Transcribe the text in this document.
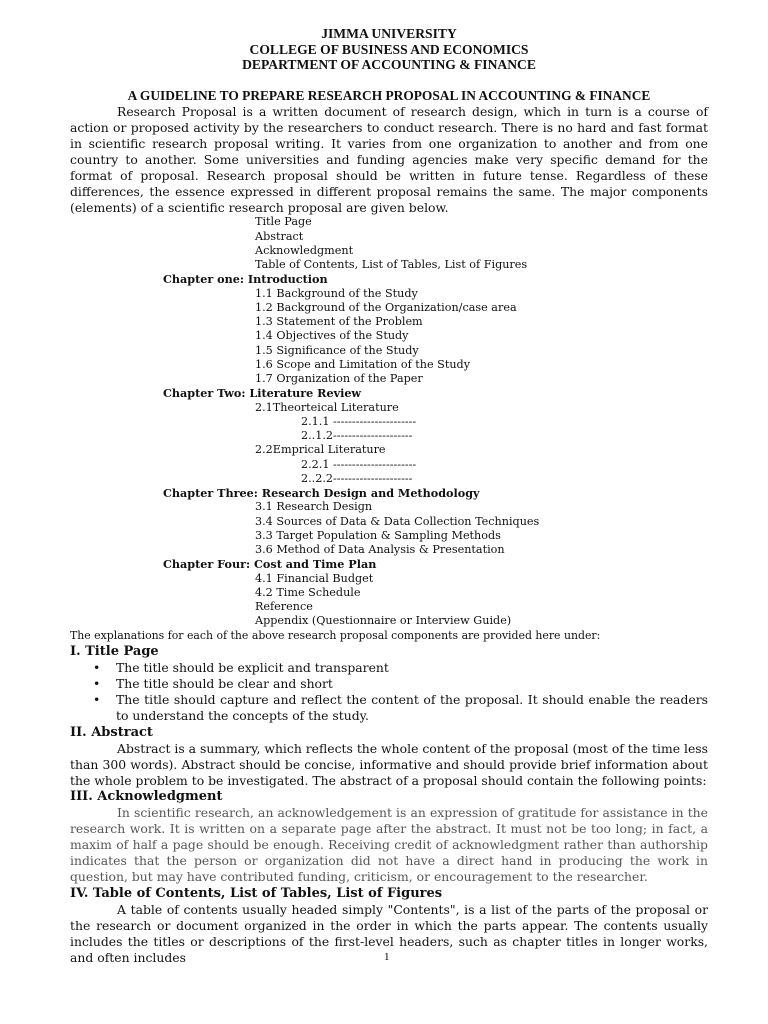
JIMMA UNIVERSITY
COLLEGE OF BUSINESS AND ECONOMICS
DEPARTMENT OF ACCOUNTING & FINANCE
A GUIDELINE TO PREPARE RESEARCH PROPOSAL IN ACCOUNTING & FINANCE

Research Proposal is a written document of research design, which in turn is a course of action or proposed activity by the researchers to conduct research. There is no hard and fast format in scientific research proposal writing. It varies from one organization to another and from one country to another. Some universities and funding agencies make very specific demand for the format of proposal. Research proposal should be written in future tense. Regardless of these differences, the essence expressed in different proposal remains the same. The major components (elements) of a scientific research proposal are given below.

Title Page
Abstract
Acknowledgment
Table of Contents, List of Tables, List of Figures
Chapter one: Introduction
1.1 Background of the Study
1.2 Background of the Organization/case area
1.3 Statement of the Problem
1.4 Objectives of the Study
1.5 Significance of the Study
1.6 Scope and Limitation of the Study
1.7 Organization of the Paper
Chapter Two: Literature Review
2.1Theorteical Literature
2.1.1 ----------------------
2..1.2---------------------
2.2Emprical Literature
2.2.1 ----------------------
2..2.2---------------------
Chapter Three: Research Design and Methodology
3.1 Research Design
3.4 Sources of Data & Data Collection Techniques
3.3 Target Population & Sampling Methods
3.6 Method of Data Analysis & Presentation
Chapter Four: Cost and Time Plan
4.1 Financial Budget
4.2 Time Schedule
Reference
Appendix (Questionnaire or Interview Guide)

The explanations for each of the above research proposal components are provided here under:

I. Title Page
• The title should be explicit and transparent
• The title should be clear and short
• The title should capture and reflect the content of the proposal. It should enable the readers to understand the concepts of the study.
II. Abstract

Abstract is a summary, which reflects the whole content of the proposal (most of the time less than 300 words). Abstract should be concise, informative and should provide brief information about the whole problem to be investigated. The abstract of a proposal should contain the following points:

III. Acknowledgment

In scientific research, an acknowledgement is an expression of gratitude for assistance in the research work. It is written on a separate page after the abstract. It must not be too long; in fact, a maxim of half a page should be enough. Receiving credit of acknowledgment rather than authorship indicates that the person or organization did not have a direct hand in producing the work in question, but may have contributed funding, criticism, or encouragement to the researcher.

IV. Table of Contents, List of Tables, List of Figures

A table of contents usually headed simply "Contents", is a list of the parts of the proposal or the research or document organized in the order in which the parts appear. The contents usually includes the titles or descriptions of the first-level headers, such as chapter titles in longer works, and often includes	1
